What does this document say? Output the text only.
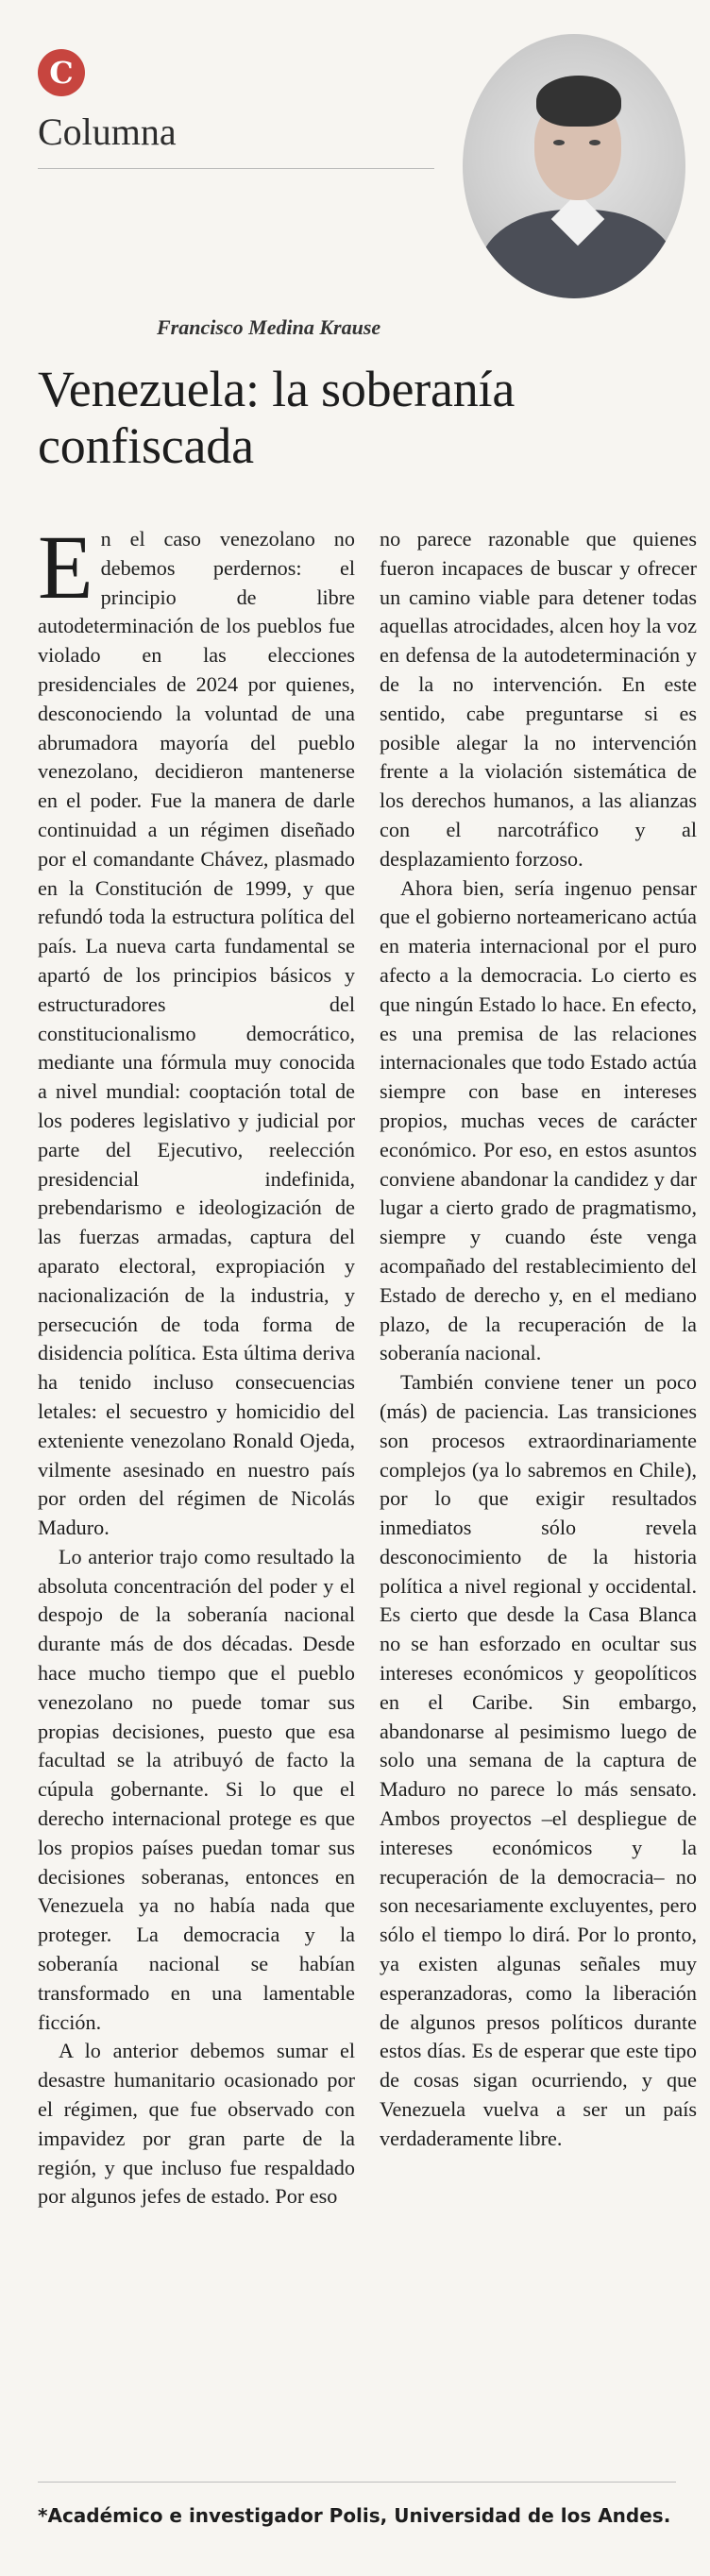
C
Columna
Francisco Medina Krause
Venezuela: la soberanía confiscada

En el caso venezolano no debemos perdernos: el principio de libre autodeterminación de los pueblos fue violado en las elecciones presidenciales de 2024 por quienes, desconociendo la voluntad de una abrumadora mayoría del pueblo venezolano, decidieron mantenerse en el poder. Fue la manera de darle continuidad a un régimen diseñado por el comandante Chávez, plasmado en la Constitución de 1999, y que refundó toda la estructura política del país. La nueva carta fundamental se apartó de los principios básicos y estructuradores del constitucionalismo democrático, mediante una fórmula muy conocida a nivel mundial: cooptación total de los poderes legislativo y judicial por parte del Ejecutivo, reelección presidencial indefinida, prebendarismo e ideologización de las fuerzas armadas, captura del aparato electoral, expropiación y nacionalización de la industria, y persecución de toda forma de disidencia política. Esta última deriva ha tenido incluso consecuencias letales: el secuestro y homicidio del exteniente venezolano Ronald Ojeda, vilmente asesinado en nuestro país por orden del régimen de Nicolás Maduro.

Lo anterior trajo como resultado la absoluta concentración del poder y el despojo de la soberanía nacional durante más de dos décadas. Desde hace mucho tiempo que el pueblo venezolano no puede tomar sus propias decisiones, puesto que esa facultad se la atribuyó de facto la cúpula gobernante. Si lo que el derecho internacional protege es que los propios países puedan tomar sus decisiones soberanas, entonces en Venezuela ya no había nada que proteger. La democracia y la soberanía nacional se habían transformado en una lamentable ficción.

A lo anterior debemos sumar el desastre humanitario ocasionado por el régimen, que fue observado con impavidez por gran parte de la región, y que incluso fue respaldado por algunos jefes de estado. Por eso

no parece razonable que quienes fueron incapaces de buscar y ofrecer un camino viable para detener todas aquellas atrocidades, alcen hoy la voz en defensa de la autodeterminación y de la no intervención. En este sentido, cabe preguntarse si es posible alegar la no intervención frente a la violación sistemática de los derechos humanos, a las alianzas con el narcotráfico y al desplazamiento forzoso.

Ahora bien, sería ingenuo pensar que el gobierno norteamericano actúa en materia internacional por el puro afecto a la democracia. Lo cierto es que ningún Estado lo hace. En efecto, es una premisa de las relaciones internacionales que todo Estado actúa siempre con base en intereses propios, muchas veces de carácter económico. Por eso, en estos asuntos conviene abandonar la candidez y dar lugar a cierto grado de pragmatismo, siempre y cuando éste venga acompañado del restablecimiento del Estado de derecho y, en el mediano plazo, de la recuperación de la soberanía nacional.

También conviene tener un poco (más) de paciencia. Las transiciones son procesos extraordinariamente complejos (ya lo sabremos en Chile), por lo que exigir resultados inmediatos sólo revela desconocimiento de la historia política a nivel regional y occidental. Es cierto que desde la Casa Blanca no se han esforzado en ocultar sus intereses económicos y geopolíticos en el Caribe. Sin embargo, abandonarse al pesimismo luego de solo una semana de la captura de Maduro no parece lo más sensato. Ambos proyectos –el despliegue de intereses económicos y la recuperación de la democracia– no son necesariamente excluyentes, pero sólo el tiempo lo dirá. Por lo pronto, ya existen algunas señales muy esperanzadoras, como la liberación de algunos presos políticos durante estos días. Es de esperar que este tipo de cosas sigan ocurriendo, y que Venezuela vuelva a ser un país verdaderamente libre.

*Académico e investigador Polis, Universidad de los Andes.
